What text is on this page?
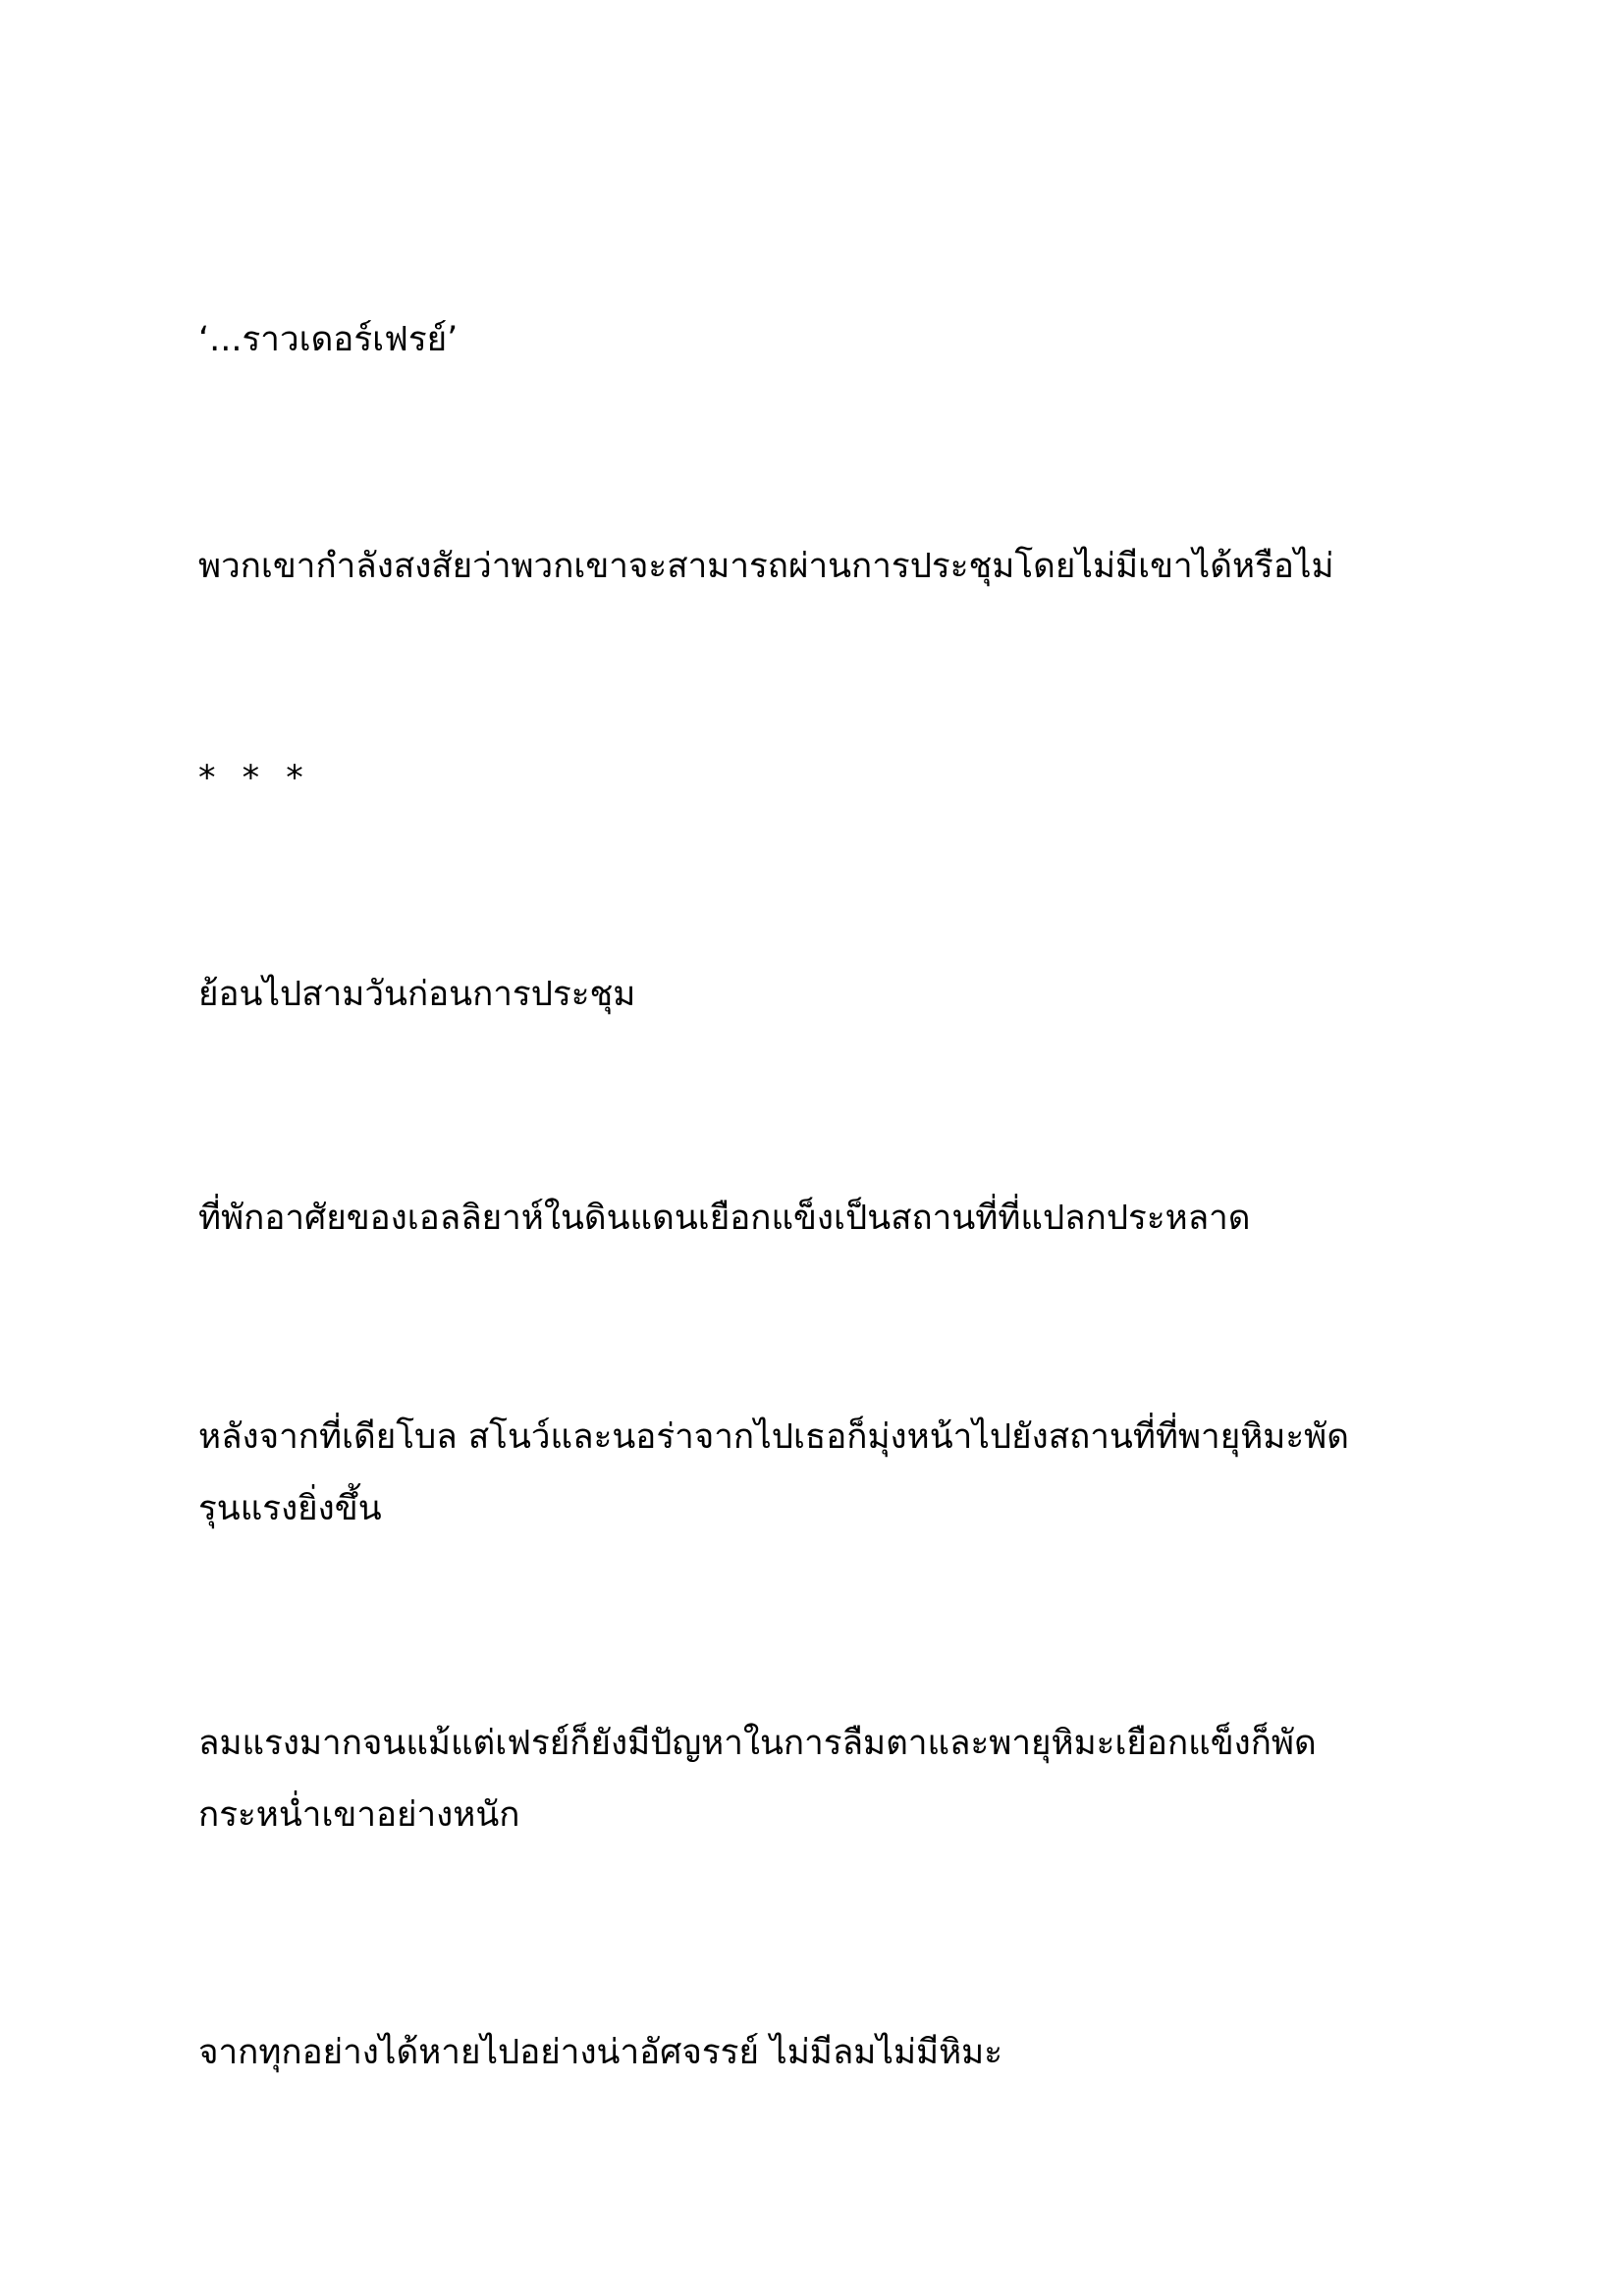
‘...ราวเดอร์เฟรย์’

พวกเขากำลังสงสัยว่าพวกเขาจะสามารถผ่านการประชุมโดยไม่มีเขาได้หรือไม่

* * *

ย้อนไปสามวันก่อนการประชุม

ที่พักอาศัยของเอลลิยาห์ในดินแดนเยือกแข็งเป็นสถานที่ที่แปลกประหลาด

หลังจากที่เดียโบล สโนว์และนอร่าจากไปเธอก็มุ่งหน้าไปยังสถานที่ที่พายุหิมะพัดรุนแรงยิ่งขึ้น

ลมแรงมากจนแม้แต่เฟรย์ก็ยังมีปัญหาในการลืมตาและพายุหิมะเยือกแข็งก็พัดกระหน่ำเขาอย่างหนัก

จากทุกอย่างได้หายไปอย่างน่าอัศจรรย์ ไม่มีลมไม่มีหิมะ
